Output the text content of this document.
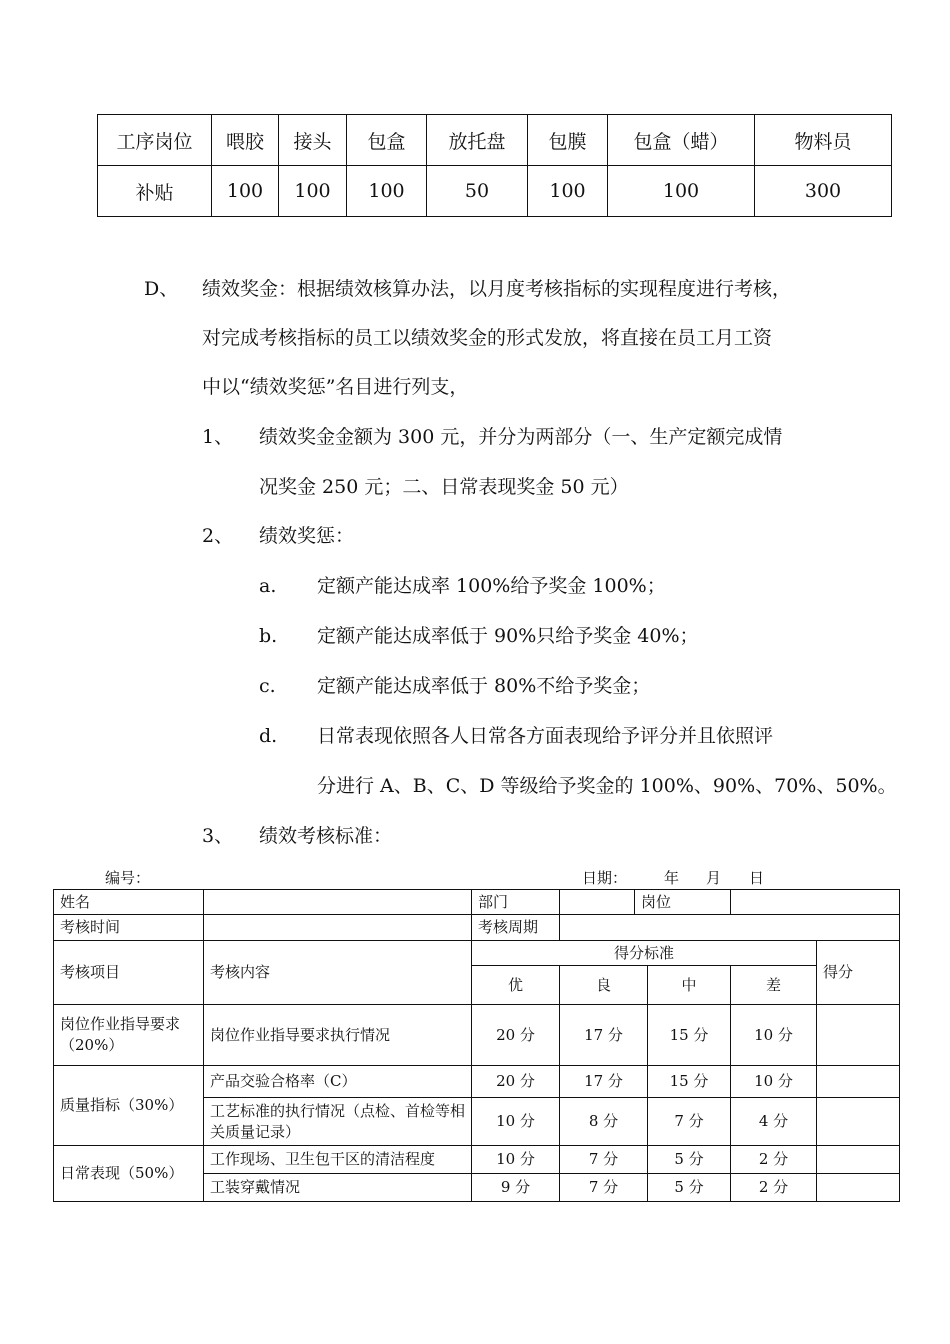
工序岗位	喂胶	接头	包盒	放托盘	包膜	包盒（蜡）	物料员
补贴	100	100	100	50	100	100	300
D、 绩效奖金：根据绩效核算办法，以月度考核指标的实现程度进行考核，
对完成考核指标的员工以绩效奖金的形式发放，将直接在员工月工资
中以“绩效奖惩”名目进行列支，
1、 绩效奖金金额为 300 元，并分为两部分（一、生产定额完成情
况奖金 250 元；二、日常表现奖金 50 元）
2、 绩效奖惩：
a. 定额产能达成率 100%给予奖金 100%；
b. 定额产能达成率低于 90%只给予奖金 40%；
c. 定额产能达成率低于 80%不给予奖金；
d. 日常表现依照各人日常各方面表现给予评分并且依照评
分进行 A、B、C、D 等级给予奖金的 100%、90%、70%、50%。
3、 绩效考核标准：
编号：	日期： 年 月 日
姓名		部门		岗位			
考核时间		考核周期					
考核项目	考核内容	得分标准					得分
		优	良		中	差	
岗位作业指导要求（20%）	岗位作业指导要求执行情况	20 分	17 分		15 分	10 分	
质量指标（30%）	产品交验合格率（C）	20 分	17 分		15 分	10 分	
	工艺标准的执行情况（点检、首检等相关质量记录）	10 分	8 分		7 分	4 分	
日常表现（50%）	工作现场、卫生包干区的清洁程度	10 分	7 分		5 分	2 分	
	工装穿戴情况	9 分	7 分		5 分	2 分	
